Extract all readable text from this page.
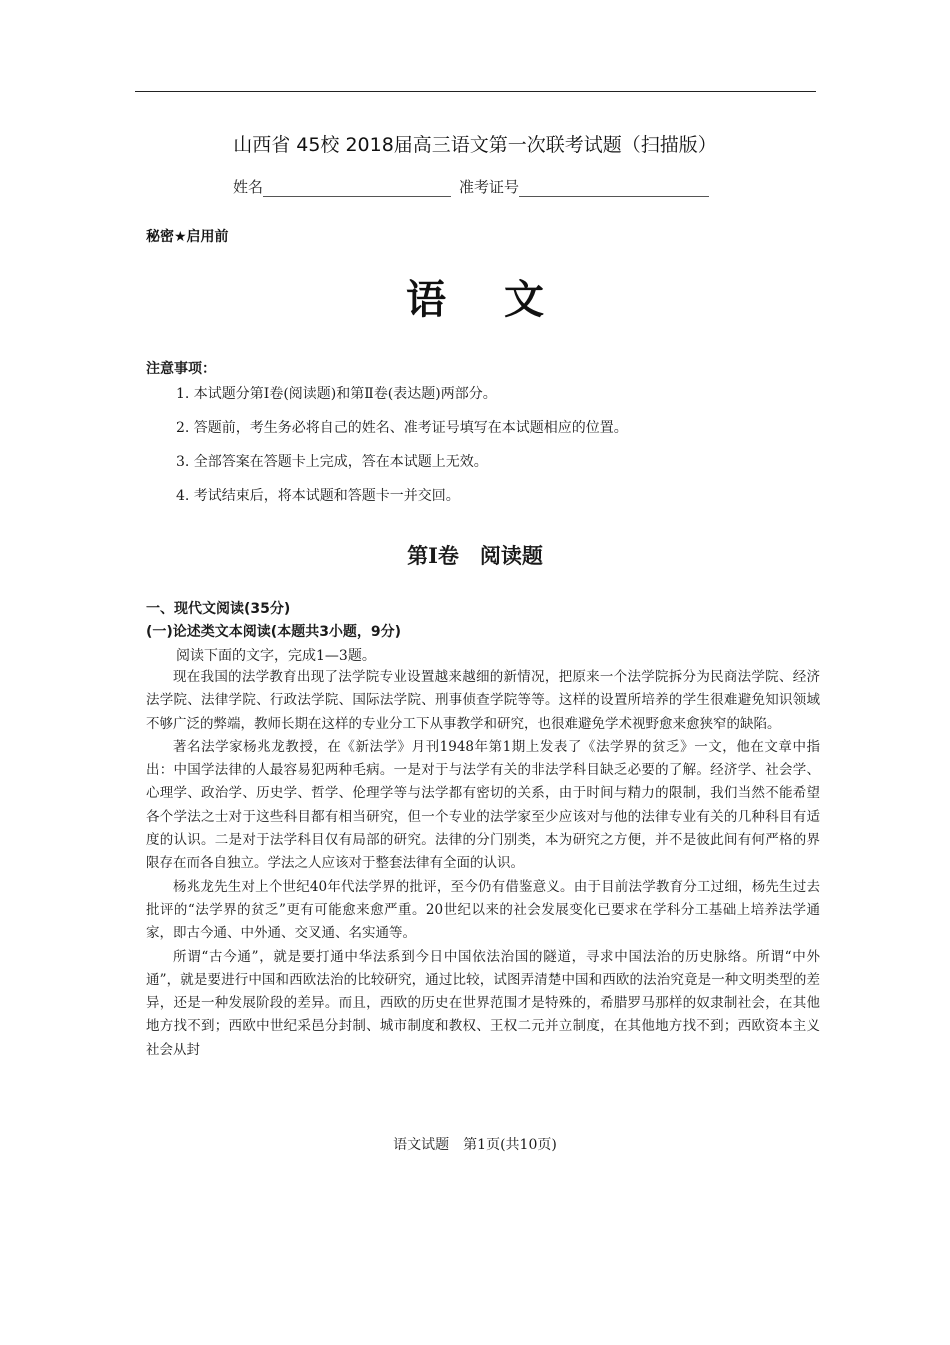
山西省 45校 2018届高三语文第一次联考试题（扫描版）
姓名	准考证号
秘密★启用前
语文
注意事项：
1. 本试题分第Ⅰ卷(阅读题)和第Ⅱ卷(表达题)两部分。
2. 答题前，考生务必将自己的姓名、准考证号填写在本试题相应的位置。
3. 全部答案在答题卡上完成，答在本试题上无效。
4. 考试结束后，将本试题和答题卡一并交回。
第Ⅰ卷　阅读题
一、现代文阅读(35分)
(一)论述类文本阅读(本题共3小题，9分)
阅读下面的文字，完成1—3题。

现在我国的法学教育出现了法学院专业设置越来越细的新情况，把原来一个法学院拆分为民商法学院、经济法学院、法律学院、行政法学院、国际法学院、刑事侦查学院等等。这样的设置所培养的学生很难避免知识领域不够广泛的弊端，教师长期在这样的专业分工下从事教学和研究，也很难避免学术视野愈来愈狭窄的缺陷。

著名法学家杨兆龙教授，在《新法学》月刊1948年第1期上发表了《法学界的贫乏》一文，他在文章中指出：中国学法律的人最容易犯两种毛病。一是对于与法学有关的非法学科目缺乏必要的了解。经济学、社会学、心理学、政治学、历史学、哲学、伦理学等与法学都有密切的关系，由于时间与精力的限制，我们当然不能希望各个学法之士对于这些科目都有相当研究，但一个专业的法学家至少应该对与他的法律专业有关的几种科目有适度的认识。二是对于法学科目仅有局部的研究。法律的分门别类，本为研究之方便，并不是彼此间有何严格的界限存在而各自独立。学法之人应该对于整套法律有全面的认识。

杨兆龙先生对上个世纪40年代法学界的批评，至今仍有借鉴意义。由于目前法学教育分工过细，杨先生过去批评的“法学界的贫乏”更有可能愈来愈严重。20世纪以来的社会发展变化已要求在学科分工基础上培养法学通家，即古今通、中外通、交叉通、名实通等。

所谓“古今通”，就是要打通中华法系到今日中国依法治国的隧道，寻求中国法治的历史脉络。所谓“中外通”，就是要进行中国和西欧法治的比较研究，通过比较，试图弄清楚中国和西欧的法治究竟是一种文明类型的差异，还是一种发展阶段的差异。而且，西欧的历史在世界范围才是特殊的，希腊罗马那样的奴隶制社会，在其他地方找不到；西欧中世纪采邑分封制、城市制度和教权、王权二元并立制度，在其他地方找不到；西欧资本主义社会从封

语文试题　第1页(共10页)
